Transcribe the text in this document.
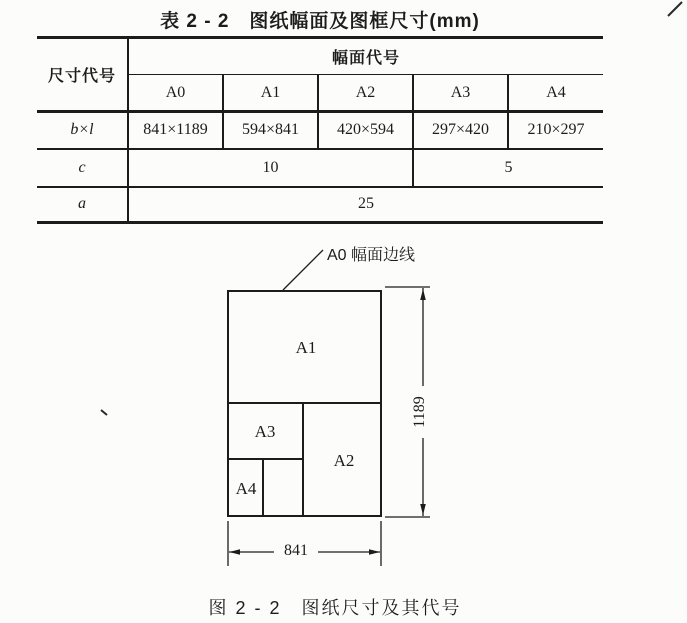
表 2 - 2　图纸幅面及图框尺寸(mm)
尺寸代号	幅面代号				
	A0	A1	A2	A3	A4
b×l	841×1189	594×841	420×594	297×420	210×297
c	10			5	
a	25				
A0 幅面边线
A1
A3
A2
A4
1189
841
图 2 - 2　图纸尺寸及其代号
